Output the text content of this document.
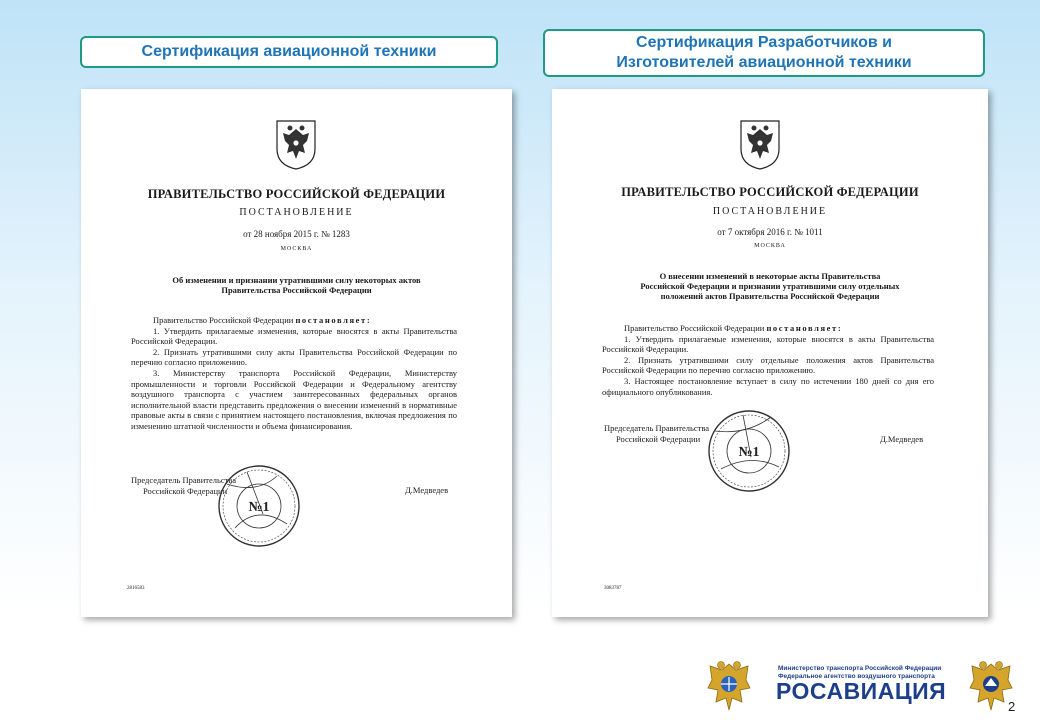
Сертификация авиационной техники
Сертификация Разработчиков и
Изготовителей авиационной техники
ПРАВИТЕЛЬСТВО РОССИЙСКОЙ ФЕДЕРАЦИИ
ПОСТАНОВЛЕНИЕ
от 28 ноября 2015 г. № 1283
МОСКВА
Об изменении и признании утратившими силу некоторых актов
Правительства Российской Федерации

Правительство Российской Федерации постановляет:

1. Утвердить прилагаемые изменения, которые вносятся в акты Правительства Российской Федерации.

2. Признать утратившими силу акты Правительства Российской Федерации по перечню согласно приложению.

3. Министерству транспорта Российской Федерации, Министерству промышленности и торговли Российской Федерации и Федеральному агентству воздушного транспорта с участием заинтересованных федеральных органов исполнительной власти представить предложения о внесении изменений в нормативные правовые акты в связи с принятием настоящего постановления, включая предложения по изменению штатной численности и объема финансирования.

Председатель Правительства
Российской Федерации	Д.Медведев
№1
2816583
ПРАВИТЕЛЬСТВО РОССИЙСКОЙ ФЕДЕРАЦИИ
ПОСТАНОВЛЕНИЕ
от 7 октября 2016 г. № 1011
МОСКВА
О внесении изменений в некоторые акты Правительства
Российской Федерации и признании утратившими силу отдельных
положений актов Правительства Российской Федерации

Правительство Российской Федерации постановляет:

1. Утвердить прилагаемые изменения, которые вносятся в акты Правительства Российской Федерации.

2. Признать утратившими силу отдельные положения актов Правительства Российской Федерации по перечню согласно приложению.

3. Настоящее постановление вступает в силу по истечении 180 дней со дня его официального опубликования.

Председатель Правительства
Российской Федерации	Д.Медведев
№1
3083787
Министерство транспорта Российской Федерации
Федеральное агентство воздушного транспорта
РОСАВИАЦИЯ
2
